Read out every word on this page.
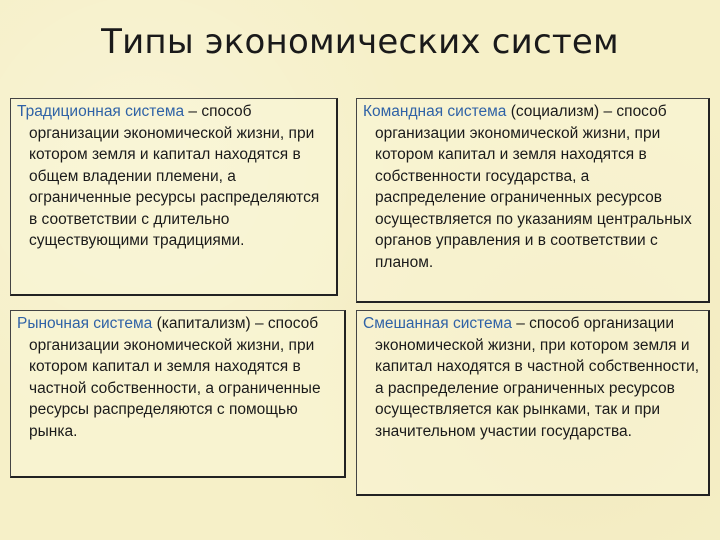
Типы экономических систем

Традиционная система – способ организации экономической жизни, при котором земля и капитал находятся в общем владении племени, а ограниченные ресурсы распределяются в соответствии с длительно существующими традициями.

Командная система (социализм) – способ организации экономической жизни, при котором капитал и земля находятся в собственности государства, а распределение ограниченных ресурсов осуществляется по указаниям центральных органов управления и в соответствии с планом.

Рыночная система (капитализм) – способ организации экономической жизни, при котором капитал и земля находятся в частной собственности, а ограниченные ресурсы распределяются с помощью рынка.

Смешанная система – способ организации экономической жизни, при котором земля и капитал находятся в частной собственности, а распределение ограниченных ресурсов осуществляется как рынками, так и при значительном участии государства.
